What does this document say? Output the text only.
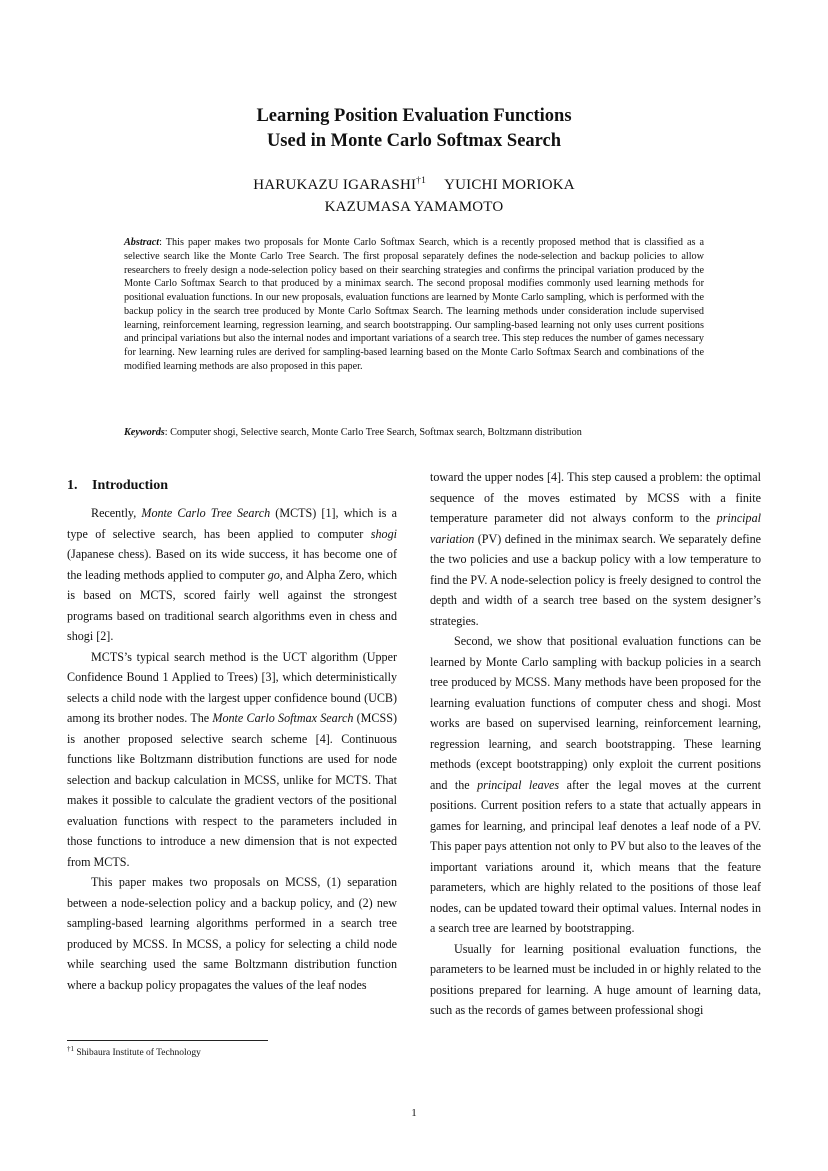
Learning Position Evaluation Functions
Used in Monte Carlo Softmax Search
HARUKAZU IGARASHI$^{\dagger 1}$ YUICHI MORIOKA
KAZUMASA YAMAMOTO
Abstract: This paper makes two proposals for Monte Carlo Softmax Search, which is a recently proposed method that is classified as a selective search like the Monte Carlo Tree Search. The first proposal separately defines the node-selection and backup policies to allow researchers to freely design a node-selection policy based on their searching strategies and confirms the principal variation produced by the Monte Carlo Softmax Search to that produced by a minimax search. The second proposal modifies commonly used learning methods for positional evaluation functions. In our new proposals, evaluation functions are learned by Monte Carlo sampling, which is performed with the backup policy in the search tree produced by Monte Carlo Softmax Search. The learning methods under consideration include supervised learning, reinforcement learning, regression learning, and search bootstrapping. Our sampling-based learning not only uses current positions and principal variations but also the internal nodes and important variations of a search tree. This step reduces the number of games necessary for learning. New learning rules are derived for sampling-based learning based on the Monte Carlo Softmax Search and combinations of the modified learning methods are also proposed in this paper.
Keywords: Computer shogi, Selective search, Monte Carlo Tree Search, Softmax search, Boltzmann distribution
1. Introduction

Recently, Monte Carlo Tree Search (MCTS) [1], which is a type of selective search, has been applied to computer shogi (Japanese chess). Based on its wide success, it has become one of the leading methods applied to computer go, and Alpha Zero, which is based on MCTS, scored fairly well against the strongest programs based on traditional search algorithms even in chess and shogi [2].

MCTS’s typical search method is the UCT algorithm (Upper Confidence Bound 1 Applied to Trees) [3], which deterministically selects a child node with the largest upper confidence bound (UCB) among its brother nodes. The Monte Carlo Softmax Search (MCSS) is another proposed selective search scheme [4]. Continuous functions like Boltzmann distribution functions are used for node selection and backup calculation in MCSS, unlike for MCTS. That makes it possible to calculate the gradient vectors of the positional evaluation functions with respect to the parameters included in those functions to introduce a new dimension that is not expected from MCTS.

This paper makes two proposals on MCSS, (1) separation between a node-selection policy and a backup policy, and (2) new sampling-based learning algorithms performed in a search tree produced by MCSS. In MCSS, a policy for selecting a child node while searching used the same Boltzmann distribution function where a backup policy propagates the values of the leaf nodes

toward the upper nodes [4]. This step caused a problem: the optimal sequence of the moves estimated by MCSS with a finite temperature parameter did not always conform to the principal variation (PV) defined in the minimax search. We separately define the two policies and use a backup policy with a low temperature to find the PV. A node-selection policy is freely designed to control the depth and width of a search tree based on the system designer’s strategies.

Second, we show that positional evaluation functions can be learned by Monte Carlo sampling with backup policies in a search tree produced by MCSS. Many methods have been proposed for the learning evaluation functions of computer chess and shogi. Most works are based on supervised learning, reinforcement learning, regression learning, and search bootstrapping. These learning methods (except bootstrapping) only exploit the current positions and the principal leaves after the legal moves at the current positions. Current position refers to a state that actually appears in games for learning, and principal leaf denotes a leaf node of a PV. This paper pays attention not only to PV but also to the leaves of the important variations around it, which means that the feature parameters, which are highly related to the positions of those leaf nodes, can be updated toward their optimal values. Internal nodes in a search tree are learned by bootstrapping.

Usually for learning positional evaluation functions, the parameters to be learned must be included in or highly related to the positions prepared for learning. A huge amount of learning data, such as the records of games between professional shogi

$^{\dagger 1}$ Shibaura Institute of Technology
1
